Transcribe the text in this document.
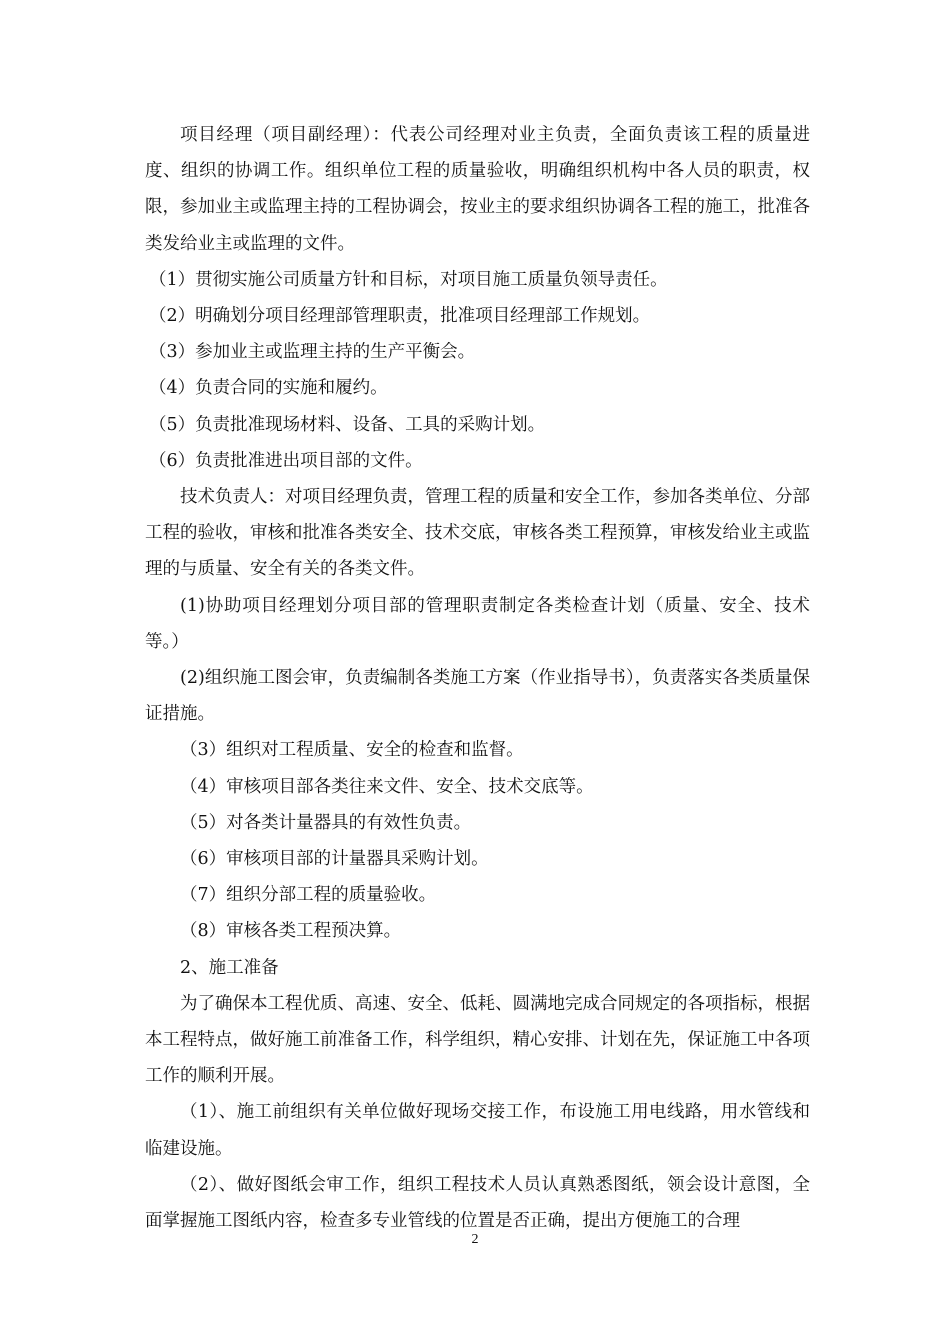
项目经理（项目副经理）：代表公司经理对业主负责，全面负责该工程的质量进度、组织的协调工作。组织单位工程的质量验收，明确组织机构中各人员的职责，权限，参加业主或监理主持的工程协调会，按业主的要求组织协调各工程的施工，批准各类发给业主或监理的文件。

（1）贯彻实施公司质量方针和目标，对项目施工质量负领导责任。

（2）明确划分项目经理部管理职责，批准项目经理部工作规划。

（3）参加业主或监理主持的生产平衡会。

（4）负责合同的实施和履约。

（5）负责批准现场材料、设备、工具的采购计划。

（6）负责批准进出项目部的文件。

技术负责人：对项目经理负责，管理工程的质量和安全工作，参加各类单位、分部工程的验收，审核和批准各类安全、技术交底，审核各类工程预算，审核发给业主或监理的与质量、安全有关的各类文件。

(1)协助项目经理划分项目部的管理职责制定各类检查计划（质量、安全、技术等。）

(2)组织施工图会审，负责编制各类施工方案（作业指导书），负责落实各类质量保证措施。

（3）组织对工程质量、安全的检查和监督。

（4）审核项目部各类往来文件、安全、技术交底等。

（5）对各类计量器具的有效性负责。

（6）审核项目部的计量器具采购计划。

（7）组织分部工程的质量验收。

（8）审核各类工程预决算。

2、施工准备

为了确保本工程优质、高速、安全、低耗、圆满地完成合同规定的各项指标，根据本工程特点，做好施工前准备工作，科学组织，精心安排、计划在先，保证施工中各项工作的顺利开展。

（1）、施工前组织有关单位做好现场交接工作，布设施工用电线路，用水管线和临建设施。

（2）、做好图纸会审工作，组织工程技术人员认真熟悉图纸，领会设计意图，全面掌握施工图纸内容，检查多专业管线的位置是否正确，提出方便施工的合理

2
